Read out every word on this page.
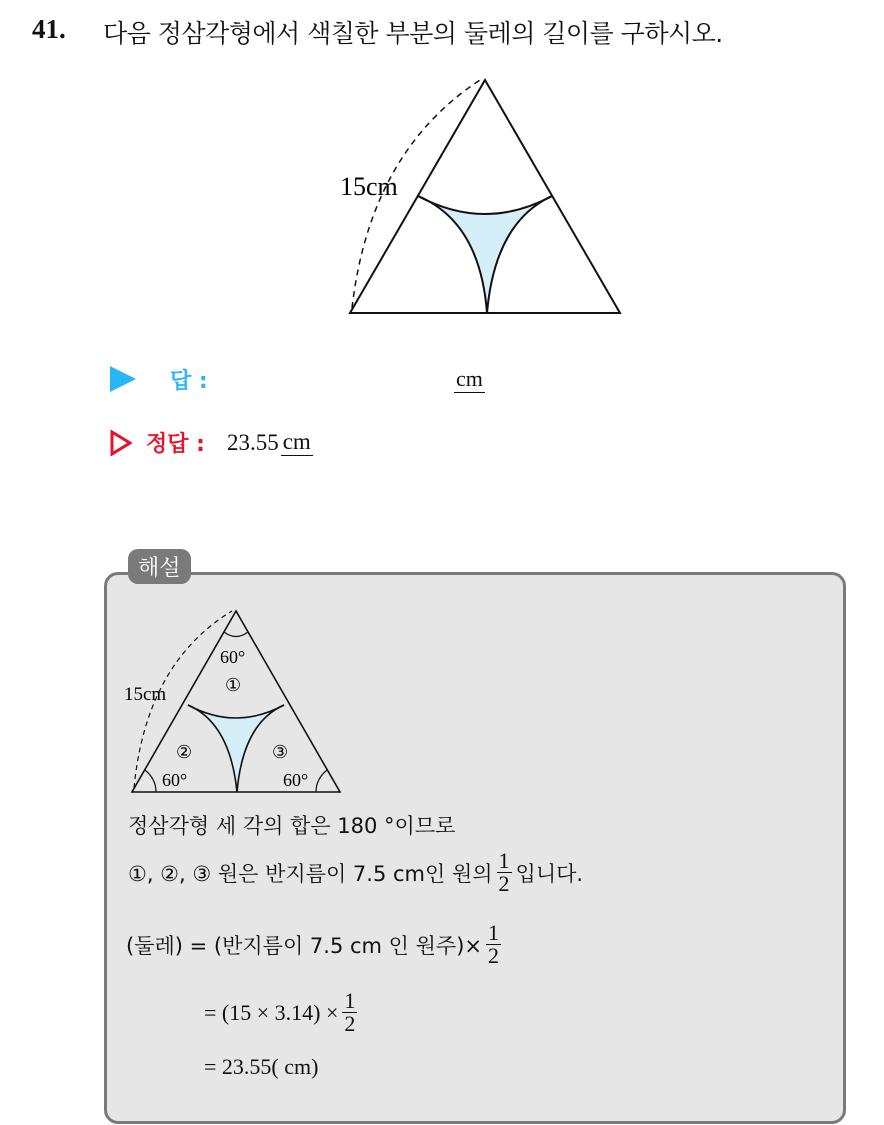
41. 다음 정삼각형에서 색칠한 부분의 둘레의 길이를 구하시오.
15cm
답 :	cm
정답 : 23.55 cm
해설
15cm
60°
①
②	③
60°	60°
정삼각형 세 각의 합은 180 °이므로
①, ②, ③ 원은 반지름이 7.5 cm인 원의 $\frac{1}{2}$ 입니다.
(둘레) = (반지름이 7.5 cm 인 원주)× $\frac{1}{2}$
= $(15 \times 3.14) \times \frac{1}{2}$
= 23.55( cm)
